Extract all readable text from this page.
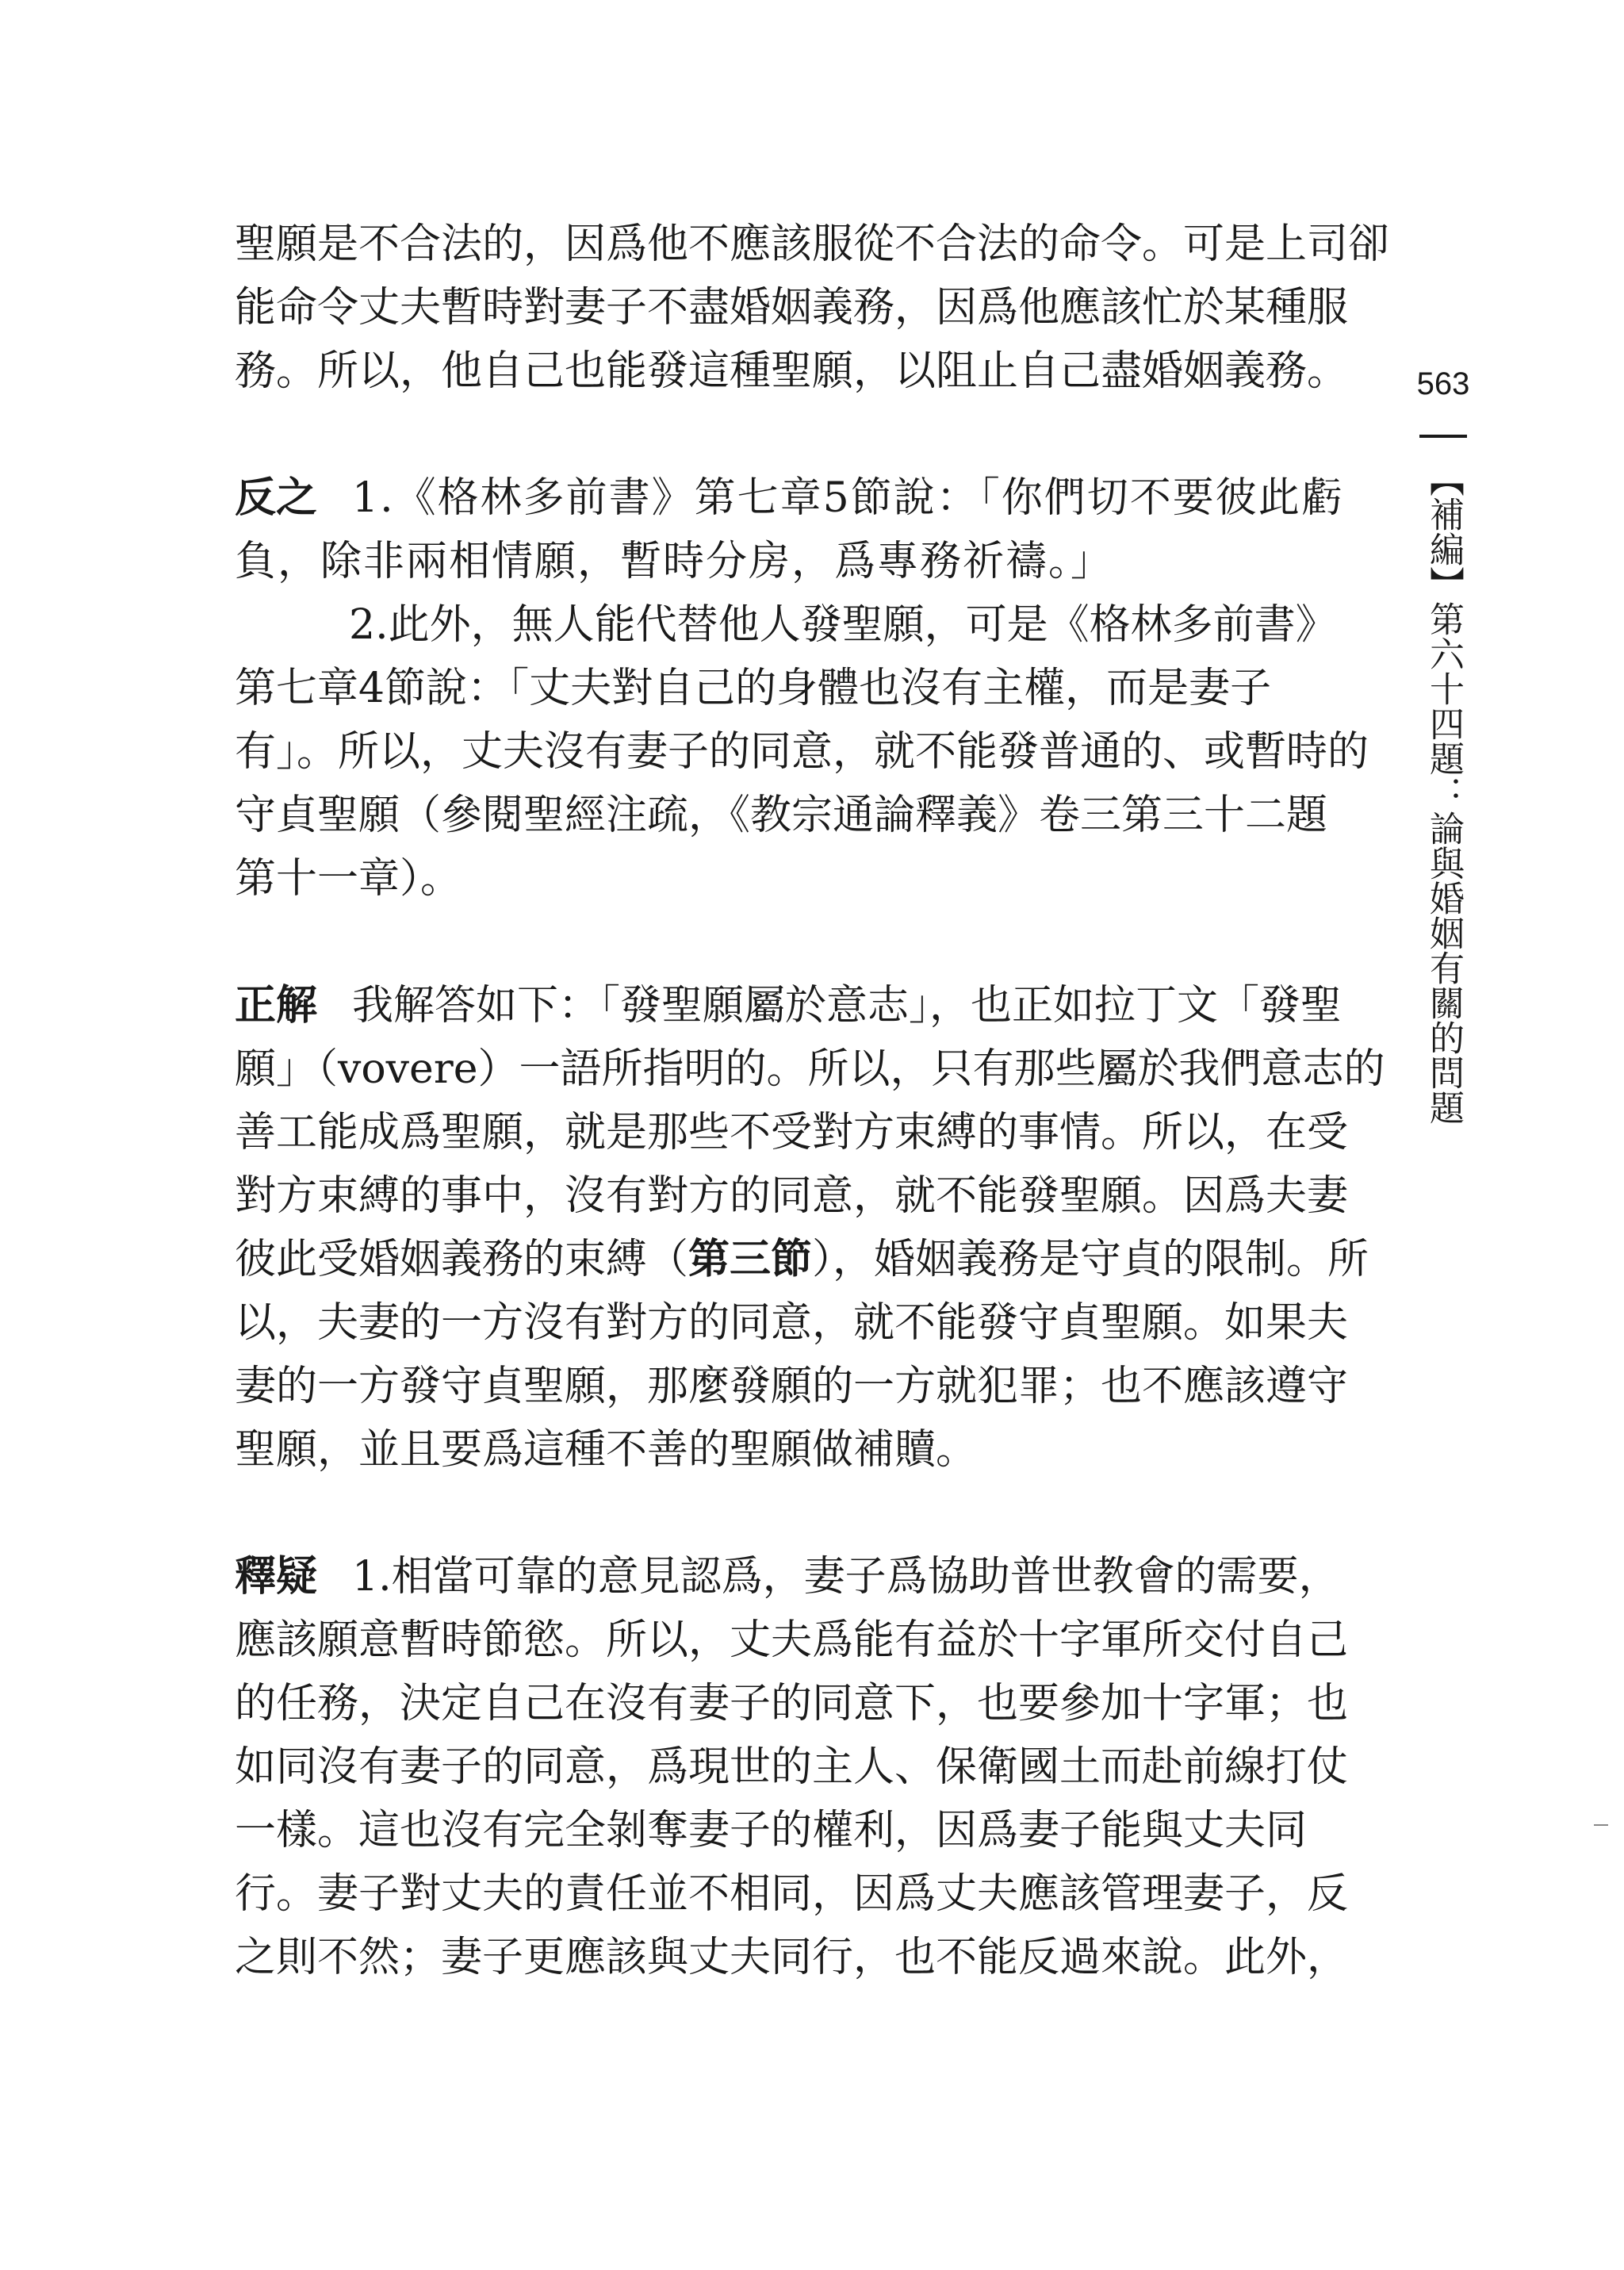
聖願是不合法的，因爲他不應該服從不合法的命令。可是上司卻
能命令丈夫暫時對妻子不盡婚姻義務，因爲他應該忙於某種服
務。所以，他自己也能發這種聖願，以阻止自己盡婚姻義務。
反之 1.《格林多前書》第七章5節說：「你們切不要彼此虧
負，除非兩相情願，暫時分房，爲專務祈禱。」
2.此外，無人能代替他人發聖願，可是《格林多前書》
第七章4節說：「丈夫對自己的身體也沒有主權，而是妻子
有」。所以，丈夫沒有妻子的同意，就不能發普通的、或暫時的
守貞聖願（參閱聖經注疏，《教宗通論釋義》卷三第三十二題
第十一章）。
正解 我解答如下：「發聖願屬於意志」，也正如拉丁文「發聖
願」（vovere）一語所指明的。所以，只有那些屬於我們意志的
善工能成爲聖願，就是那些不受對方束縛的事情。所以，在受
對方束縛的事中，沒有對方的同意，就不能發聖願。因爲夫妻
彼此受婚姻義務的束縛（第三節），婚姻義務是守貞的限制。所
以，夫妻的一方沒有對方的同意，就不能發守貞聖願。如果夫
妻的一方發守貞聖願，那麼發願的一方就犯罪；也不應該遵守
聖願，並且要爲這種不善的聖願做補贖。
釋疑 1.相當可靠的意見認爲，妻子爲協助普世教會的需要，
應該願意暫時節慾。所以，丈夫爲能有益於十字軍所交付自己
的任務，決定自己在沒有妻子的同意下，也要參加十字軍；也
如同沒有妻子的同意，爲現世的主人、保衛國土而赴前線打仗
一樣。這也沒有完全剝奪妻子的權利，因爲妻子能與丈夫同
行。妻子對丈夫的責任並不相同，因爲丈夫應該管理妻子，反
之則不然；妻子更應該與丈夫同行，也不能反過來說。此外，
563
【補編】第六十四題：論與婚姻有關的問題
